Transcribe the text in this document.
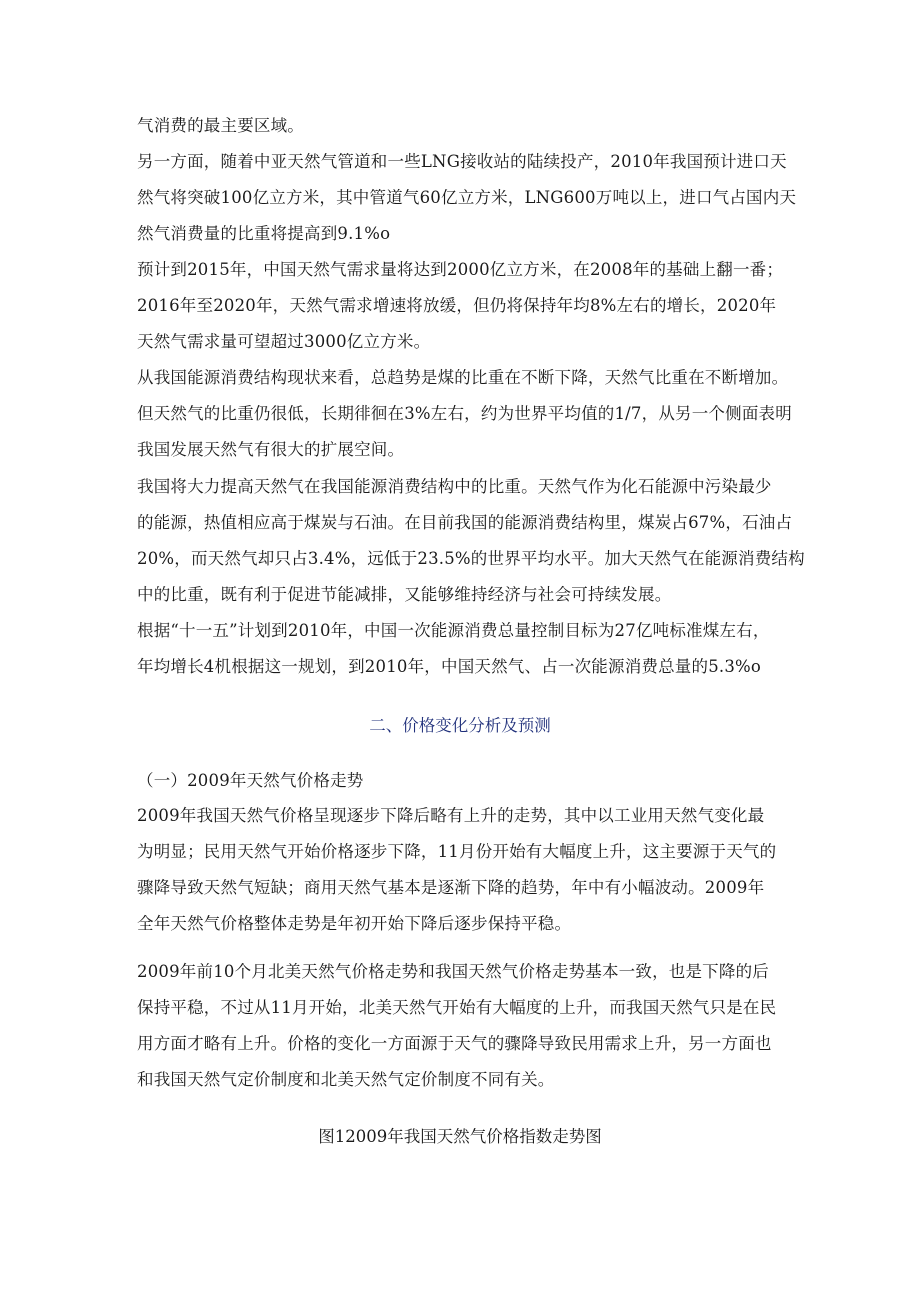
气消费的最主要区域。
另一方面，随着中亚天然气管道和一些LNG接收站的陆续投产，2010年我国预计进口天
然气将突破100亿立方米，其中管道气60亿立方米，LNG600万吨以上，进口气占国内天
然气消费量的比重将提高到9.1%o
预计到2015年，中国天然气需求量将达到2000亿立方米，在2008年的基础上翻一番；
2016年至2020年，天然气需求增速将放缓，但仍将保持年均8%左右的增长，2020年
天然气需求量可望超过3000亿立方米。
从我国能源消费结构现状来看，总趋势是煤的比重在不断下降，天然气比重在不断增加。
但天然气的比重仍很低，长期徘徊在3%左右，约为世界平均值的1/7，从另一个侧面表明
我国发展天然气有很大的扩展空间。
我国将大力提高天然气在我国能源消费结构中的比重。天然气作为化石能源中污染最少
的能源，热值相应高于煤炭与石油。在目前我国的能源消费结构里，煤炭占67%，石油占
20%，而天然气却只占3.4%，远低于23.5%的世界平均水平。加大天然气在能源消费结构
中的比重，既有利于促进节能减排，又能够维持经济与社会可持续发展。
根据“十一五”计划到2010年，中国一次能源消费总量控制目标为27亿吨标准煤左右，
年均增长4机根据这一规划，到2010年，中国天然气、占一次能源消费总量的5.3%o
二、价格变化分析及预测
（一）2009年天然气价格走势
2009年我国天然气价格呈现逐步下降后略有上升的走势，其中以工业用天然气变化最
为明显；民用天然气开始价格逐步下降，11月份开始有大幅度上升，这主要源于天气的
骤降导致天然气短缺；商用天然气基本是逐渐下降的趋势，年中有小幅波动。2009年
全年天然气价格整体走势是年初开始下降后逐步保持平稳。
2009年前10个月北美天然气价格走势和我国天然气价格走势基本一致，也是下降的后
保持平稳，不过从11月开始，北美天然气开始有大幅度的上升，而我国天然气只是在民
用方面才略有上升。价格的变化一方面源于天气的骤降导致民用需求上升，另一方面也
和我国天然气定价制度和北美天然气定价制度不同有关。
图12009年我国天然气价格指数走势图
